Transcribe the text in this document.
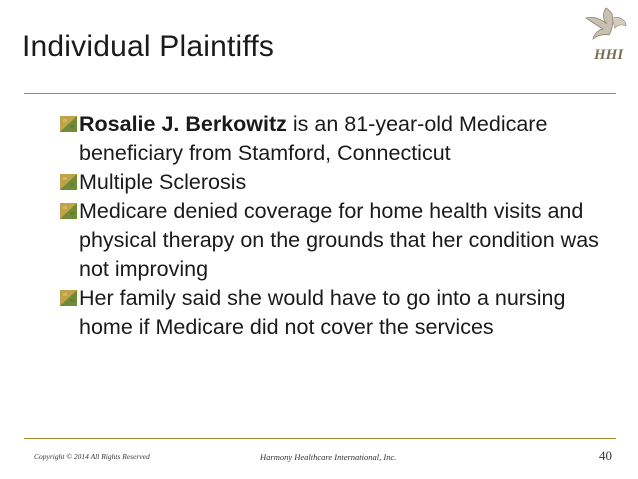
Individual Plaintiffs	HHI
Rosalie J. Berkowitz is an 81-year-old Medicare beneficiary from Stamford, Connecticut
Multiple Sclerosis
Medicare denied coverage for home health visits and physical therapy on the grounds that her condition was not improving
Her family said she would have to go into a nursing home if Medicare did not cover the services
Copyright © 2014 All Rights Reserved	Harmony Healthcare International, Inc.	40
